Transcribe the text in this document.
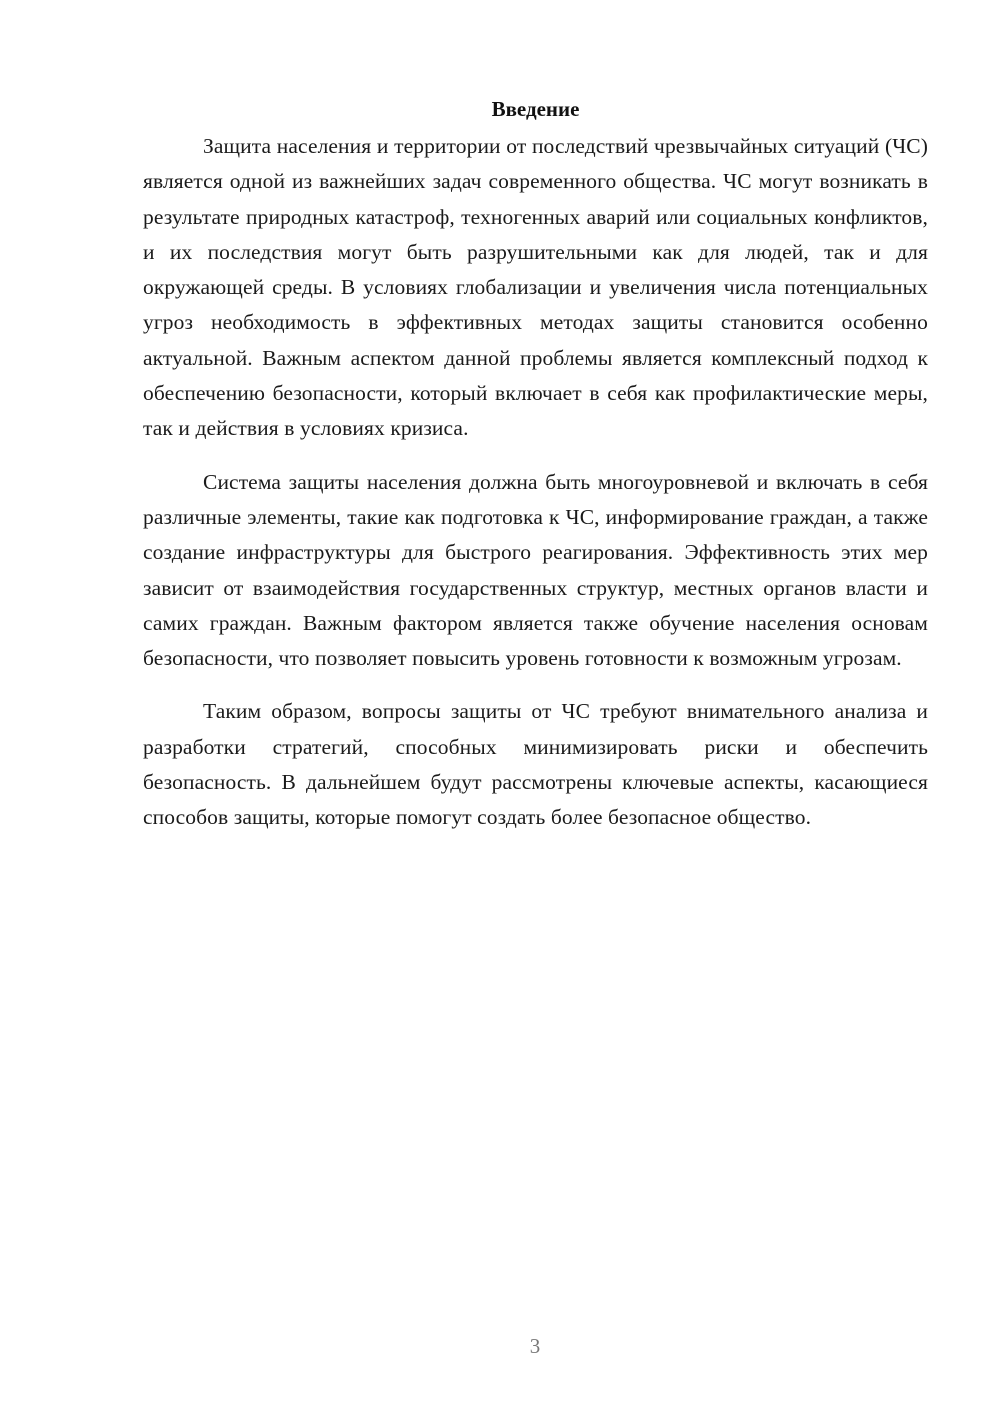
Введение

Защита населения и территории от последствий чрезвычайных ситуаций (ЧС) является одной из важнейших задач современного общества. ЧС могут возникать в результате природных катастроф, техногенных аварий или социальных конфликтов, и их последствия могут быть разрушительными как для людей, так и для окружающей среды. В условиях глобализации и увеличения числа потенциальных угроз необходимость в эффективных методах защиты становится особенно актуальной. Важным аспектом данной проблемы является комплексный подход к обеспечению безопасности, который включает в себя как профилактические меры, так и действия в условиях кризиса.

Система защиты населения должна быть многоуровневой и включать в себя различные элементы, такие как подготовка к ЧС, информирование граждан, а также создание инфраструктуры для быстрого реагирования. Эффективность этих мер зависит от взаимодействия государственных структур, местных органов власти и самих граждан. Важным фактором является также обучение населения основам безопасности, что позволяет повысить уровень готовности к возможным угрозам.

Таким образом, вопросы защиты от ЧС требуют внимательного анализа и разработки стратегий, способных минимизировать риски и обеспечить безопасность. В дальнейшем будут рассмотрены ключевые аспекты, касающиеся способов защиты, которые помогут создать более безопасное общество.

3
